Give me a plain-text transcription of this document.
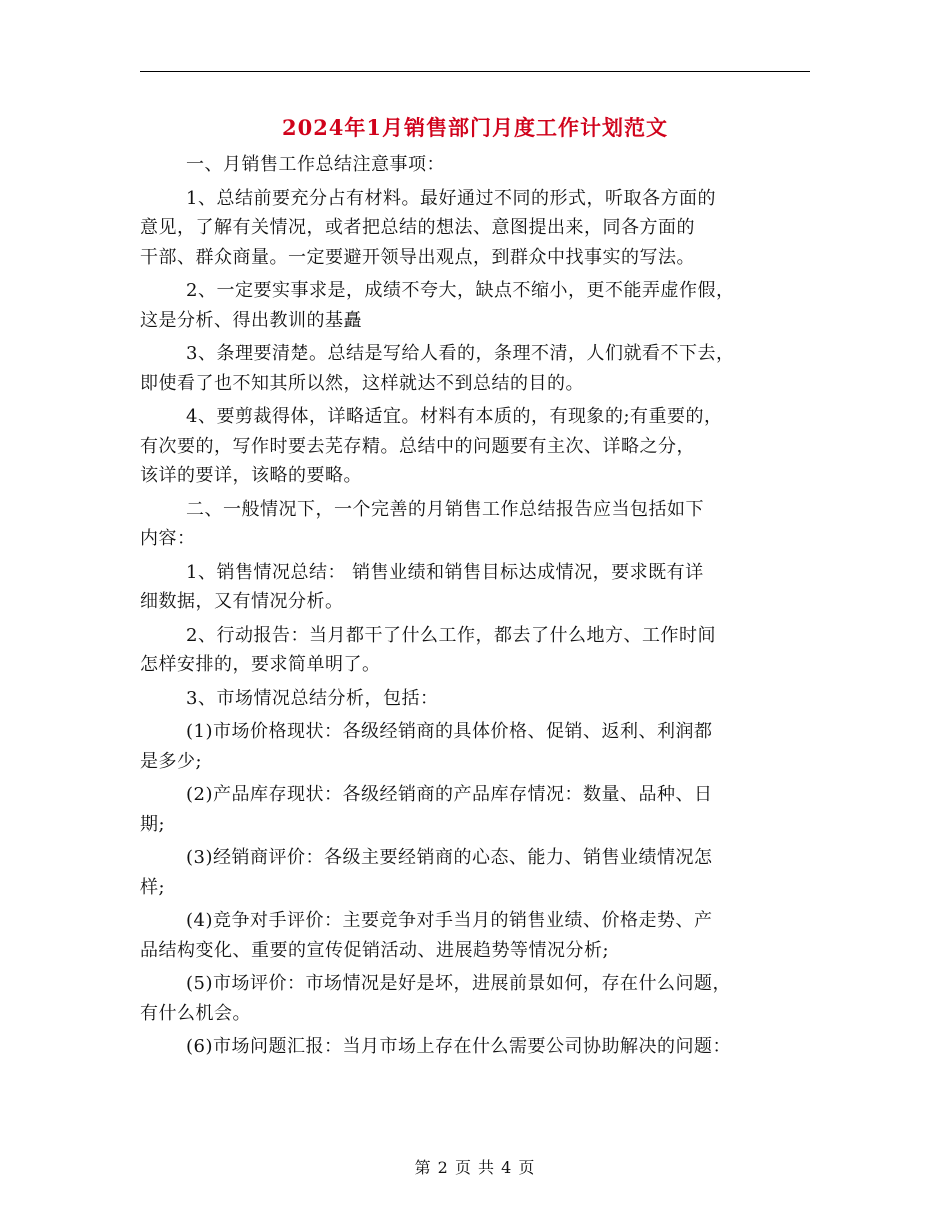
2024年1月销售部门月度工作计划范文

一、月销售工作总结注意事项：

1、总结前要充分占有材料。最好通过不同的形式，听取各方面的
意见，了解有关情况，或者把总结的想法、意图提出来，同各方面的
干部、群众商量。一定要避开领导出观点，到群众中找事实的写法。

2、一定要实事求是，成绩不夸大，缺点不缩小，更不能弄虚作假，
这是分析、得出教训的基矗

3、条理要清楚。总结是写给人看的，条理不清，人们就看不下去，
即使看了也不知其所以然，这样就达不到总结的目的。

4、要剪裁得体，详略适宜。材料有本质的，有现象的;有重要的，
有次要的，写作时要去芜存精。总结中的问题要有主次、详略之分，
该详的要详，该略的要略。

二、一般情况下，一个完善的月销售工作总结报告应当包括如下
内容：

1、销售情况总结： 销售业绩和销售目标达成情况，要求既有详
细数据，又有情况分析。

2、行动报告：当月都干了什么工作，都去了什么地方、工作时间
怎样安排的，要求简单明了。

3、市场情况总结分析，包括：

(1)市场价格现状：各级经销商的具体价格、促销、返利、利润都
是多少;

(2)产品库存现状：各级经销商的产品库存情况：数量、品种、日
期;

(3)经销商评价：各级主要经销商的心态、能力、销售业绩情况怎
样;

(4)竞争对手评价：主要竞争对手当月的销售业绩、价格走势、产
品结构变化、重要的宣传促销活动、进展趋势等情况分析;

(5)市场评价：市场情况是好是坏，进展前景如何，存在什么问题，
有什么机会。

(6)市场问题汇报：当月市场上存在什么需要公司协助解决的问题：

第 2 页 共 4 页
